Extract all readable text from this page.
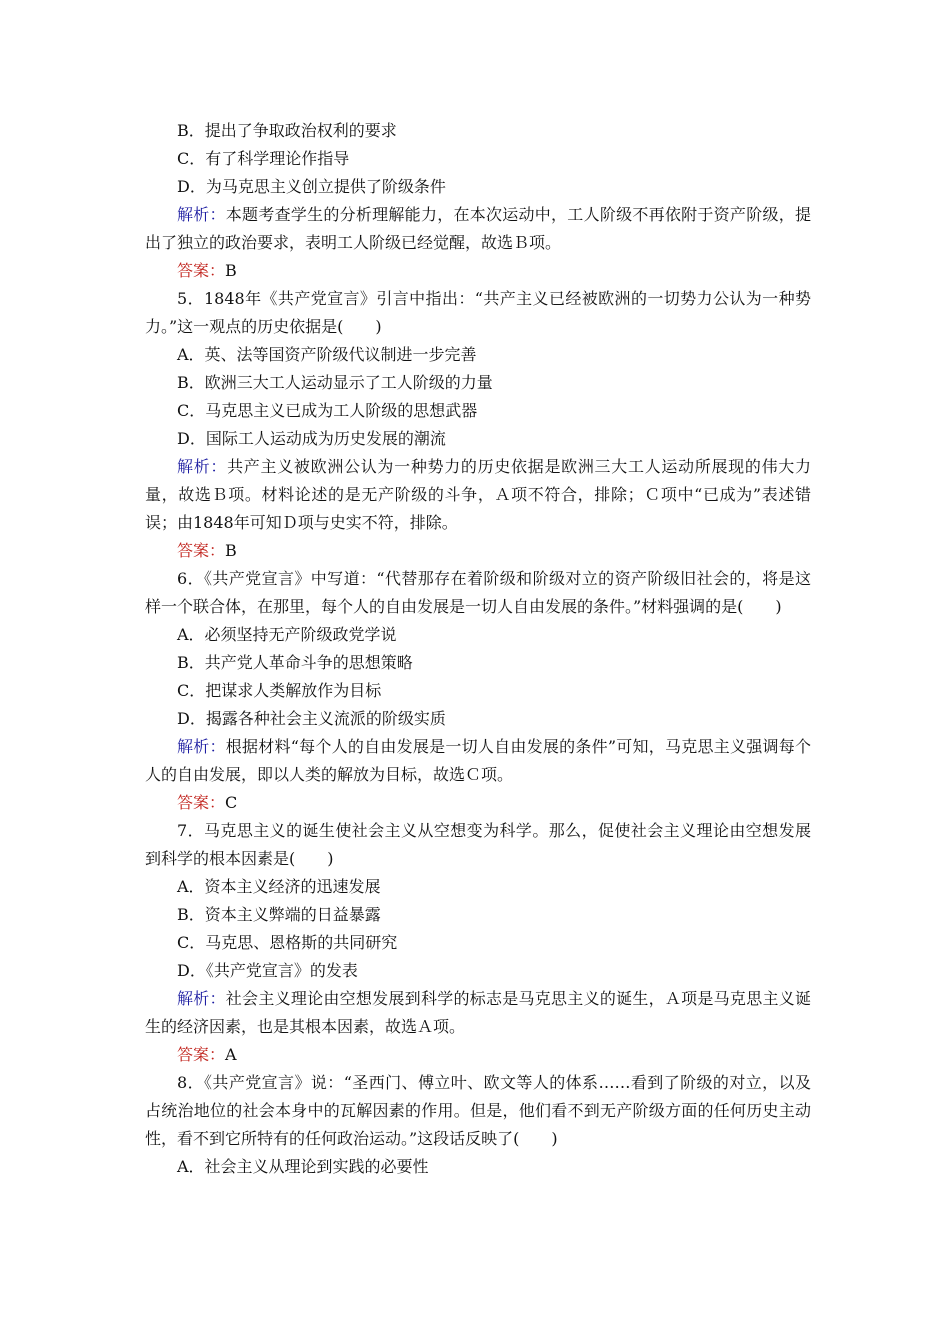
B．提出了争取政治权利的要求
C．有了科学理论作指导
D．为马克思主义创立提供了阶级条件
解析：本题考查学生的分析理解能力，在本次运动中，工人阶级不再依附于资产阶级，提出了独立的政治要求，表明工人阶级已经觉醒，故选Ｂ项。
答案：B
5．1848年《共产党宣言》引言中指出：“共产主义已经被欧洲的一切势力公认为一种势力。”这一观点的历史依据是(　　)
A．英、法等国资产阶级代议制进一步完善
B．欧洲三大工人运动显示了工人阶级的力量
C．马克思主义已成为工人阶级的思想武器
D．国际工人运动成为历史发展的潮流
解析：共产主义被欧洲公认为一种势力的历史依据是欧洲三大工人运动所展现的伟大力量，故选Ｂ项。材料论述的是无产阶级的斗争，Ａ项不符合，排除；Ｃ项中“已成为”表述错误；由1848年可知Ｄ项与史实不符，排除。
答案：B
6．《共产党宣言》中写道：“代替那存在着阶级和阶级对立的资产阶级旧社会的，将是这样一个联合体，在那里，每个人的自由发展是一切人自由发展的条件。”材料强调的是(　　)
A．必须坚持无产阶级政党学说
B．共产党人革命斗争的思想策略
C．把谋求人类解放作为目标
D．揭露各种社会主义流派的阶级实质
解析：根据材料“每个人的自由发展是一切人自由发展的条件”可知，马克思主义强调每个人的自由发展，即以人类的解放为目标，故选Ｃ项。
答案：C
7．马克思主义的诞生使社会主义从空想变为科学。那么，促使社会主义理论由空想发展到科学的根本因素是(　　)
A．资本主义经济的迅速发展
B．资本主义弊端的日益暴露
C．马克思、恩格斯的共同研究
D．《共产党宣言》的发表
解析：社会主义理论由空想发展到科学的标志是马克思主义的诞生，Ａ项是马克思主义诞生的经济因素，也是其根本因素，故选Ａ项。
答案：A
8．《共产党宣言》说：“圣西门、傅立叶、欧文等人的体系……看到了阶级的对立，以及占统治地位的社会本身中的瓦解因素的作用。但是，他们看不到无产阶级方面的任何历史主动性，看不到它所特有的任何政治运动。”这段话反映了(　　)
A．社会主义从理论到实践的必要性
